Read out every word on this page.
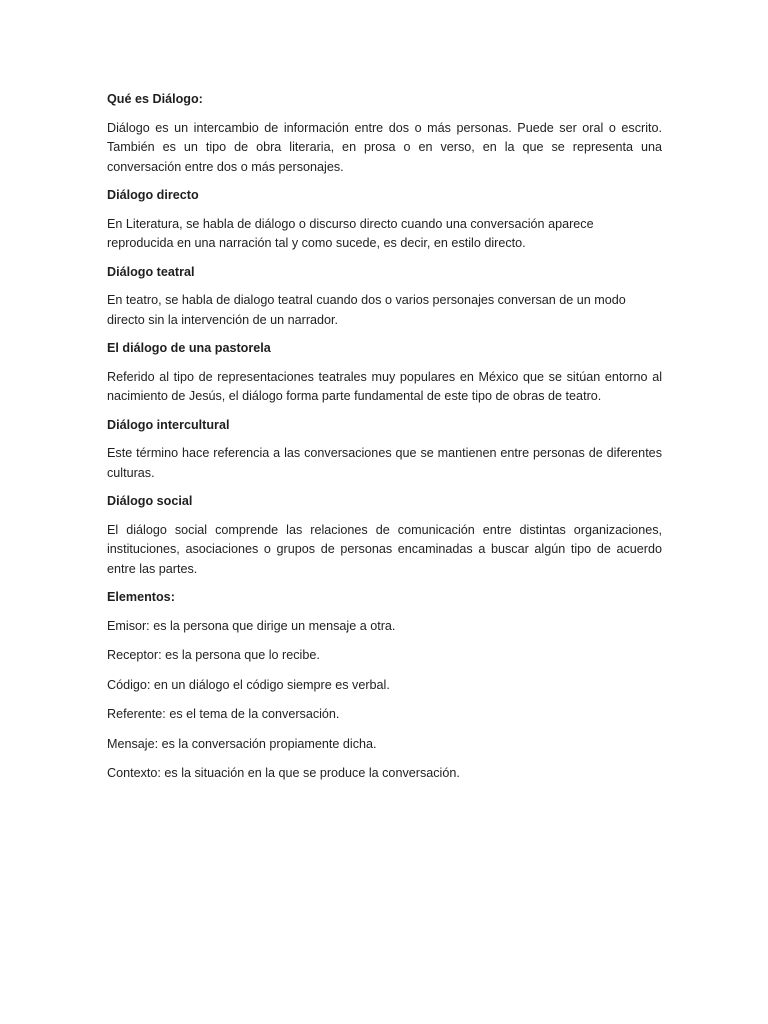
Qué es Diálogo:

Diálogo es un intercambio de información entre dos o más personas. Puede ser oral o escrito. También es un tipo de obra literaria, en prosa o en verso, en la que se representa una conversación entre dos o más personajes.

Diálogo directo

En Literatura, se habla de diálogo o discurso directo cuando una conversación aparece reproducida en una narración tal y como sucede, es decir, en estilo directo.

Diálogo teatral

En teatro, se habla de dialogo teatral cuando dos o varios personajes conversan de un modo directo sin la intervención de un narrador.

El diálogo de una pastorela

Referido al tipo de representaciones teatrales muy populares en México que se sitúan entorno al nacimiento de Jesús, el diálogo forma parte fundamental de este tipo de obras de teatro.

Diálogo intercultural

Este término hace referencia a las conversaciones que se mantienen entre personas de diferentes culturas.

Diálogo social

El diálogo social comprende las relaciones de comunicación entre distintas organizaciones, instituciones, asociaciones o grupos de personas encaminadas a buscar algún tipo de acuerdo entre las partes.

Elementos:

Emisor: es la persona que dirige un mensaje a otra.

Receptor: es la persona que lo recibe.

Código: en un diálogo el código siempre es verbal.

Referente: es el tema de la conversación.

Mensaje: es la conversación propiamente dicha.

Contexto: es la situación en la que se produce la conversación.
